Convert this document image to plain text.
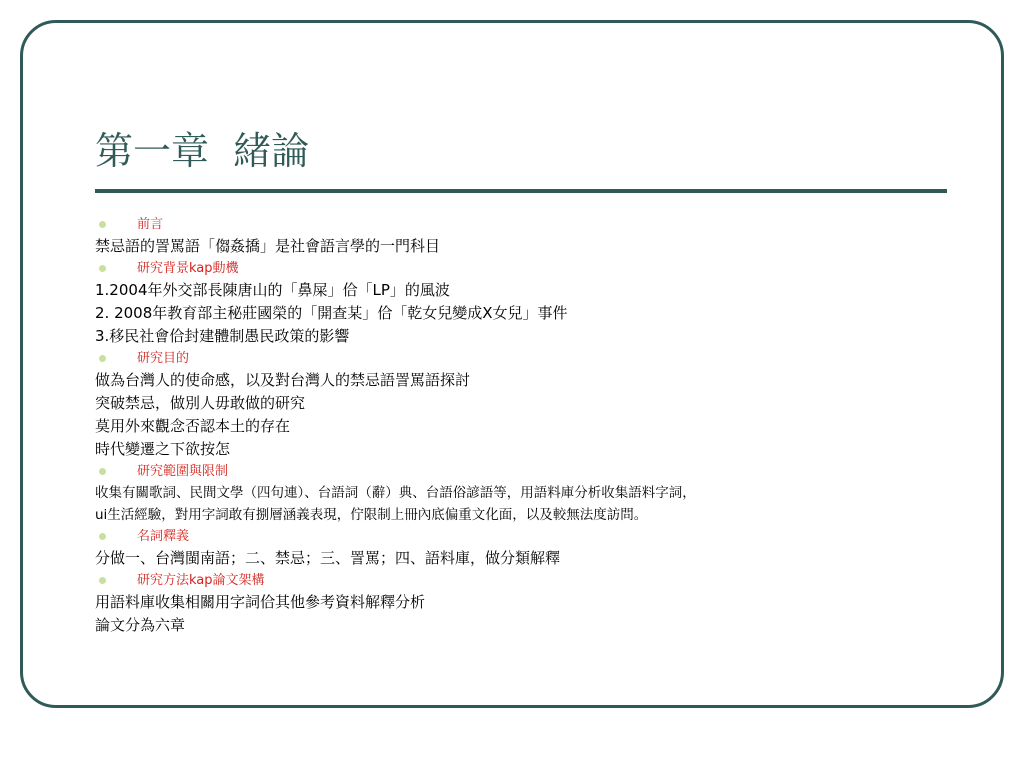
第一章  緒論
前言
禁忌語的詈罵語「㑳姦撟」是社會語言學的一門科目
研究背景kap動機
1.2004年外交部長陳唐山的「鼻屎」佮「LP」的風波
2. 2008年教育部主秘莊國榮的「開查某」佮「乾女兒變成X女兒」事件
3.移民社會佮封建體制愚民政策的影響
研究目的
做為台灣人的使命感，以及對台灣人的禁忌語詈罵語探討
突破禁忌，做別人毋敢做的研究
莫用外來觀念否認本土的存在
時代變遷之下欲按怎
研究範圍與限制
收集有關歌詞、民間文學（四句連）、台語詞（辭）典、台語俗諺語等，用語料庫分析收集語料字詞，
ui生活經驗，對用字詞敢有捌層涵義表現，佇限制上冊內底偏重文化面，以及較無法度訪問。
名詞釋義
分做一、台灣閩南語；二、禁忌；三、詈罵；四、語料庫，做分類解釋
研究方法kap論文架構
用語料庫收集相關用字詞佮其他參考資料解釋分析
論文分為六章
